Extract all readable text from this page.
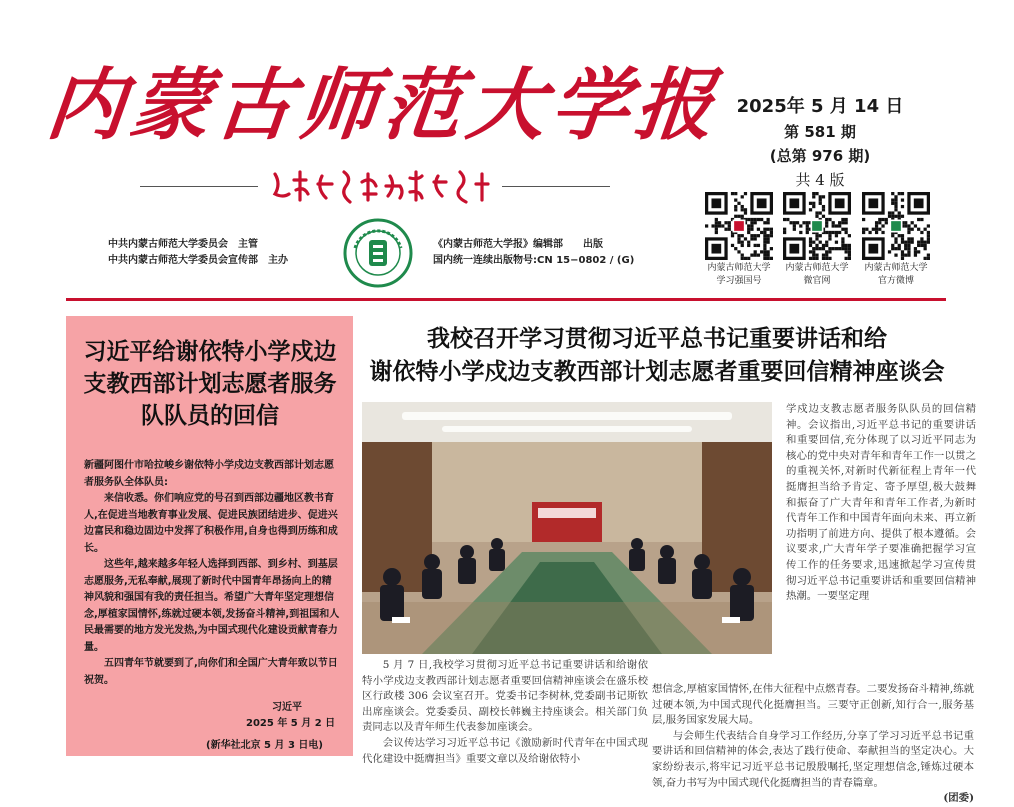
内蒙古师范大学报 2025年 5 月 14 日
第 581 期
(总第 976 期)
共 4 版
内蒙古师范大学
学习强国号
内蒙古师范大学
微官网
内蒙古师范大学
官方微博
中共内蒙古师范大学委员会　主管
中共内蒙古师范大学委员会宣传部　主办
《内蒙古师范大学报》编辑部　　出版
国内统一连续出版物号:CN 15−0802 / (G)
习近平给谢依特小学戍边支教西部计划志愿者服务队队员的回信

新疆阿图什市哈拉峻乡谢依特小学戍边支教西部计划志愿者服务队全体队员:

来信收悉。你们响应党的号召到西部边疆地区教书育人,在促进当地教育事业发展、促进民族团结进步、促进兴边富民和稳边固边中发挥了积极作用,自身也得到历练和成长。

这些年,越来越多年轻人选择到西部、到乡村、到基层志愿服务,无私奉献,展现了新时代中国青年昂扬向上的精神风貌和强国有我的责任担当。希望广大青年坚定理想信念,厚植家国情怀,练就过硬本领,发扬奋斗精神,到祖国和人民最需要的地方发光发热,为中国式现代化建设贡献青春力量。

五四青年节就要到了,向你们和全国广大青年致以节日祝贺。

习近平
2025 年 5 月 2 日
(新华社北京 5 月 3 日电)
我校召开学习贯彻习近平总书记重要讲话和给
谢依特小学戍边支教西部计划志愿者重要回信精神座谈会
学戍边支教志愿者服务队队员的回信精神。会议指出,习近平总书记的重要讲话和重要回信,充分体现了以习近平同志为核心的党中央对青年和青年工作一以贯之的重视关怀,对新时代新征程上青年一代挺膺担当给予肯定、寄予厚望,极大鼓舞和振奋了广大青年和青年工作者,为新时代青年工作和中国青年面向未来、再立新功指明了前进方向、提供了根本遵循。会议要求,广大青年学子要准确把握学习宣传工作的任务要求,迅速掀起学习宣传贯彻习近平总书记重要讲话和重要回信精神热潮。一要坚定理
5 月 7 日,我校学习贯彻习近平总书记重要讲话和给谢依特小学戍边支教西部计划志愿者重要回信精神座谈会在盛乐校区行政楼 306 会议室召开。党委书记李树林,党委副书记斯钦出席座谈会。党委委员、副校长韩巍主持座谈会。相关部门负责同志以及青年师生代表参加座谈会。
会议传达学习习近平总书记《激励新时代青年在中国式现代化建设中挺膺担当》重要文章以及给谢依特小
想信念,厚植家国情怀,在伟大征程中点燃青春。二要发扬奋斗精神,练就过硬本领,为中国式现代化挺膺担当。三要守正创新,知行合一,服务基层,服务国家发展大局。
与会师生代表结合自身学习工作经历,分享了学习习近平总书记重要讲话和回信精神的体会,表达了践行使命、奉献担当的坚定决心。大家纷纷表示,将牢记习近平总书记殷殷嘱托,坚定理想信念,锤炼过硬本领,奋力书写为中国式现代化挺膺担当的青春篇章。
(团委)
